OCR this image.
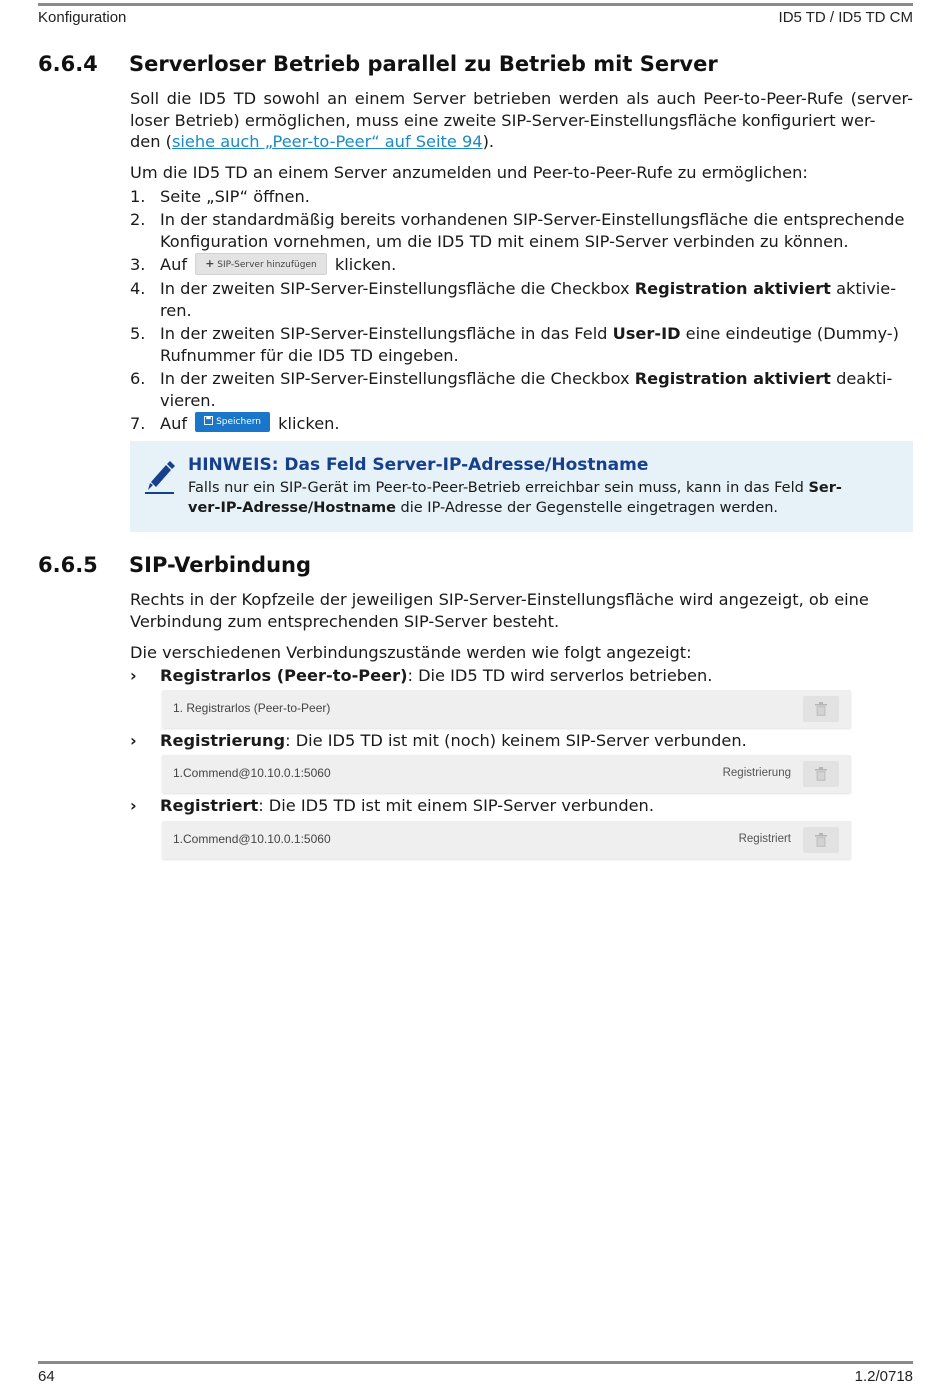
Konfiguration	ID5 TD / ID5 TD CM
6.6.4 Serverloser Betrieb parallel zu Betrieb mit Server

Soll die ID5 TD sowohl an einem Server betrieben werden als auch Peer-to-Peer-Rufe (server- loser Betrieb) ermöglichen, muss eine zweite SIP-Server-Einstellungsfläche konfiguriert wer-
den (siehe auch „Peer-to-Peer“ auf Seite 94).

Um die ID5 TD an einem Server anzumelden und Peer-to-Peer-Rufe zu ermöglichen:

1. Seite „SIP“ öffnen.
2. In der standardmäßig bereits vorhandenen SIP-Server-Einstellungsfläche die entsprechende
Konfiguration vornehmen, um die ID5 TD mit einem SIP-Server verbinden zu können.
3. Auf + SIP-Server hinzufügen klicken.
4. In der zweiten SIP-Server-Einstellungsfläche die Checkbox Registration aktiviert aktivie-
ren.
5. In der zweiten SIP-Server-Einstellungsfläche in das Feld User-ID eine eindeutige (Dummy-)
Rufnummer für die ID5 TD eingeben.
6. In der zweiten SIP-Server-Einstellungsfläche die Checkbox Registration aktiviert deakti-
vieren.
7. Auf	Speichern klicken.
HINWEIS: Das Feld Server-IP-Adresse/Hostname
Falls nur ein SIP-Gerät im Peer-to-Peer-Betrieb erreichbar sein muss, kann in das Feld Ser-
ver-IP-Adresse/Hostname die IP-Adresse der Gegenstelle eingetragen werden.
6.6.5 SIP-Verbindung

Rechts in der Kopfzeile der jeweiligen SIP-Server-Einstellungsfläche wird angezeigt, ob eine
Verbindung zum entsprechenden SIP-Server besteht.

Die verschiedenen Verbindungszustände werden wie folgt angezeigt:

› Registrarlos (Peer-to-Peer): Die ID5 TD wird serverlos betrieben.
1. Registrarlos (Peer-to-Peer)
› Registrierung: Die ID5 TD ist mit (noch) keinem SIP-Server verbunden.
1.Commend@10.10.0.1:5060	Registrierung
› Registriert: Die ID5 TD ist mit einem SIP-Server verbunden.
1.Commend@10.10.0.1:5060	Registriert
64	1.2/0718
